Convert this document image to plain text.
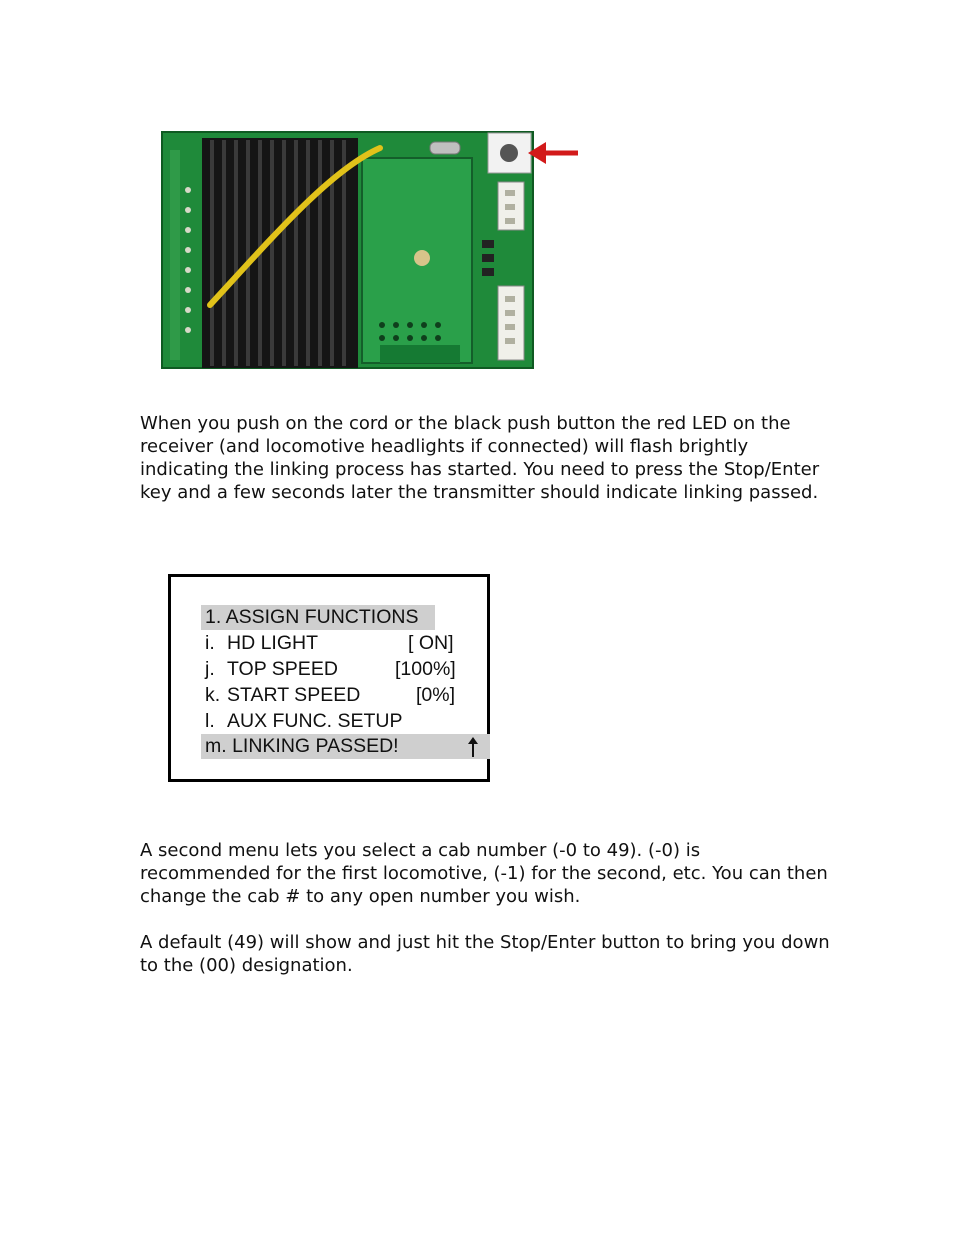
When you push on the cord or the black push button the red LED on the receiver (and locomotive headlights if connected) will flash brightly indicating the linking process has started. You need to press the Stop/Enter key and a few seconds later the transmitter should indicate linking passed.

1. ASSIGN FUNCTIONS
i. HD LIGHT	[ ON]
j. TOP SPEED	[100%]
k. START SPEED	[0%]
l. AUX FUNC. SETUP
m. LINKING PASSED!

A second menu lets you select a cab number (-0 to 49). (-0) is recommended for the first locomotive, (-1) for the second, etc. You can then change the cab # to any open number you wish.

A default (49) will show and just hit the Stop/Enter button to bring you down to the (00) designation.
